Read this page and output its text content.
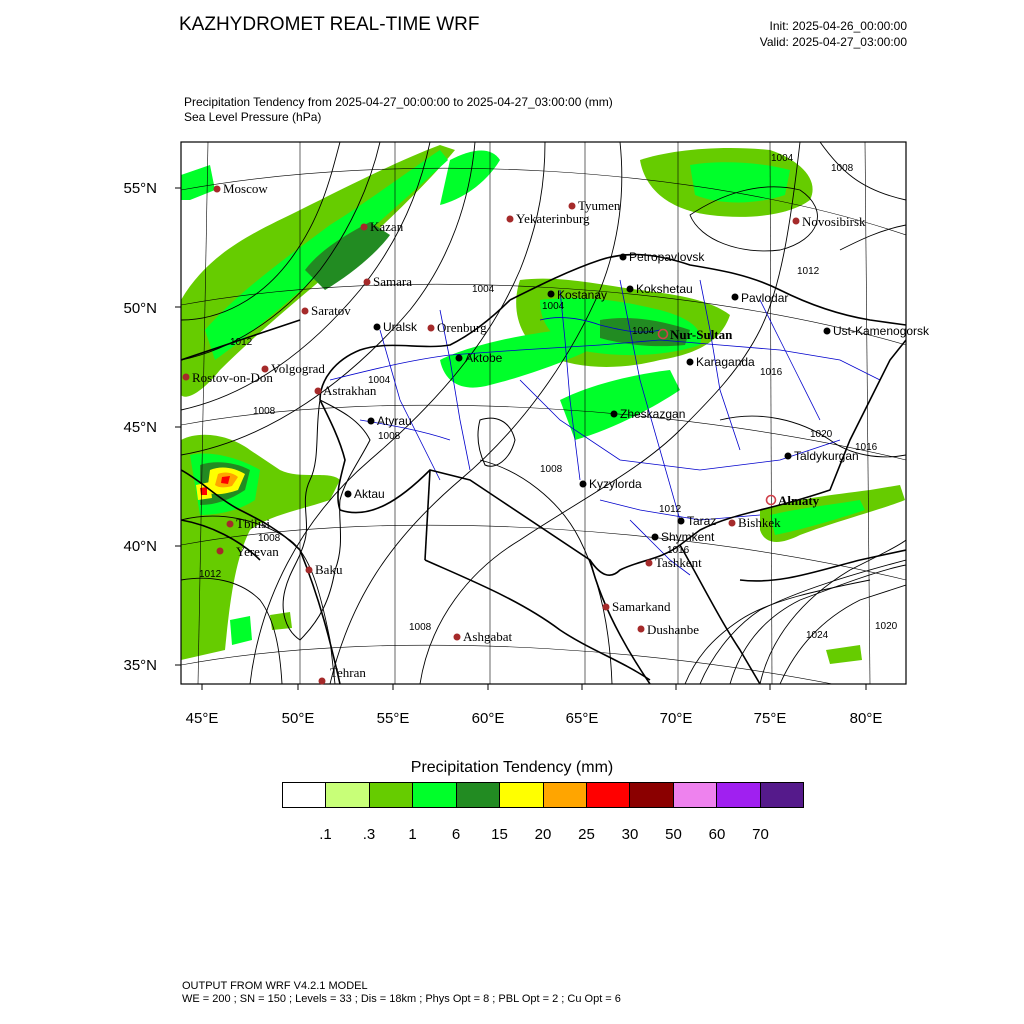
KAZHYDROMET REAL-TIME WRF	Init: 2025-04-26_00:00:00
Valid: 2025-04-27_03:00:00
Precipitation Tendency from 2025-04-27_00:00:00 to 2025-04-27_03:00:00 (mm)
Sea Level Pressure (hPa)
1004
1008
1012
1004
1004
1012
1004
1004
1016
1008
1008	1020
1008
1012
1008
1012
1008
1024
1020
1016
1016
Moscow
Kazan
Samara
Saratov
Volgograd
Rostov-on-Don
Astrakhan
Orenburg
Yekaterinburg
Tyumen
Novosibirsk
Tbilisi
Yerevan
Baku
Tehran
Ashgabat
Samarkand
Dushanbe
Tashkent
Bishkek
Petropavlovsk
Kostanay Kokshetau
Pavlodar
Uralsk
Aktobe	Karaganda
Ust-Kamenogorsk
Atyrau	Zheskazgan
Taldykurgan
Aktau
Kyzylorda
Taraz
Shymkent
Nur-Sultan
Almaty
55°N
50°N
45°N
40°N
35°N
45°E	50°E	55°E	60°E	65°E	70°E	75°E	80°E
Precipitation Tendency (mm)
.1	.3	1	6	15	20	25	30	50	60	70
OUTPUT FROM WRF V4.2.1 MODEL
WE = 200 ; SN = 150 ; Levels = 33 ; Dis = 18km ; Phys Opt = 8 ; PBL Opt = 2 ; Cu Opt = 6
